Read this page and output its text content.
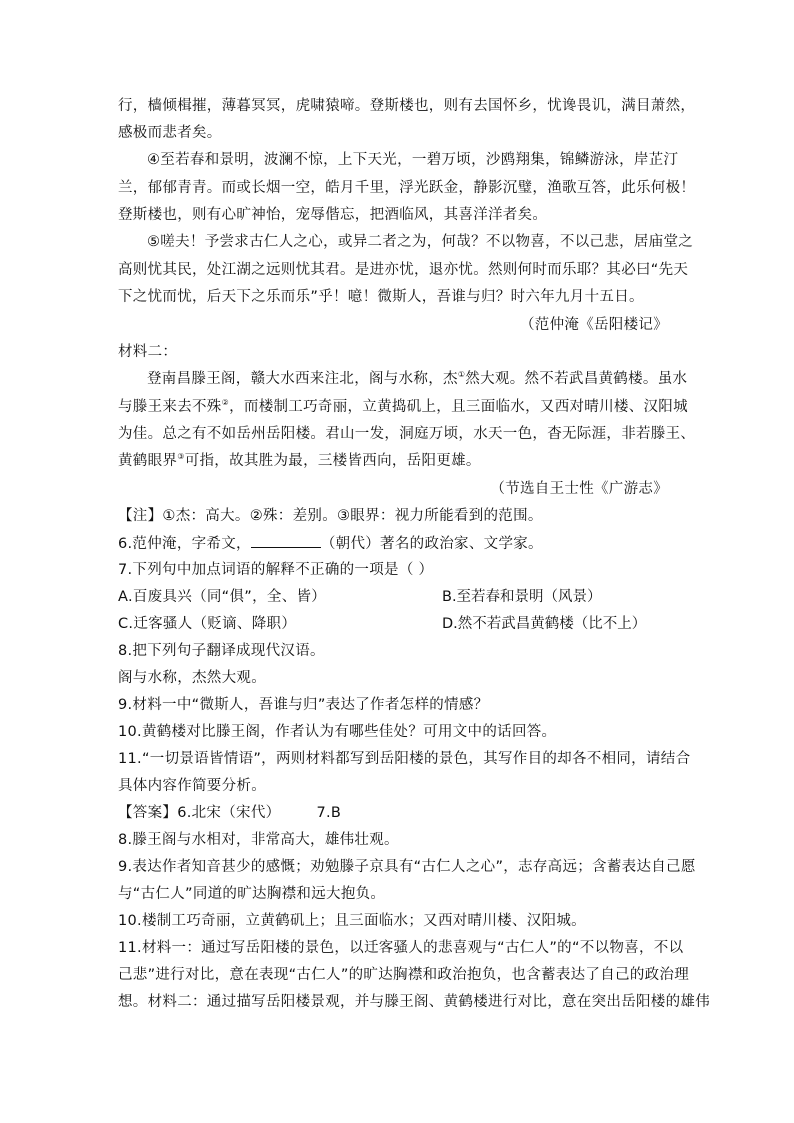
行，樯倾楫摧，薄暮冥冥，虎啸猿啼。登斯楼也，则有去国怀乡，忧谗畏讥，满目萧然，
感极而悲者矣。
④至若春和景明，波澜不惊，上下天光，一碧万顷，沙鸥翔集，锦鳞游泳，岸芷汀
兰，郁郁青青。而或长烟一空，皓月千里，浮光跃金，静影沉璧，渔歌互答，此乐何极！
登斯楼也，则有心旷神怡，宠辱偕忘，把酒临风，其喜洋洋者矣。
⑤嗟夫！予尝求古仁人之心，或异二者之为，何哉？不以物喜，不以己悲，居庙堂之
高则忧其民，处江湖之远则忧其君。是进亦忧，退亦忧。然则何时而乐耶？其必曰“先天
下之忧而忧，后天下之乐而乐”乎！噫！微斯人，吾谁与归？时六年九月十五日。
（范仲淹《岳阳楼记》
材料二：
登南昌滕王阁，赣大水西来注北，阁与水称，杰①然大观。然不若武昌黄鹤楼。虽水
与滕王来去不殊②，而楼制工巧奇丽，立黄捣矶上，且三面临水，又西对晴川楼、汉阳城
为佳。总之有不如岳州岳阳楼。君山一发，洞庭万顷，水天一色，杳无际涯，非若滕王、
黄鹤眼界③可指，故其胜为最，三楼皆西向，岳阳更雄。
（节选自王士性《广游志》
【注】①杰：高大。②殊：差别。③眼界：视力所能看到的范围。
6.范仲淹，字希文，	（朝代）著名的政治家、文学家。
7.下列句中加点词语的解释不正确的一项是（ ）
A.百废具兴（同“俱”，全、皆）	B.至若春和景明（风景）
C.迁客骚人（贬谪、降职）	D.然不若武昌黄鹤楼（比不上）
8.把下列句子翻译成现代汉语。
阁与水称，杰然大观。
9.材料一中“微斯人，吾谁与归”表达了作者怎样的情感？
10.黄鹤楼对比滕王阁，作者认为有哪些佳处？可用文中的话回答。
11.“一切景语皆情语”，两则材料都写到岳阳楼的景色，其写作目的却各不相同，请结合
具体内容作简要分析。
【答案】6.北宋（宋代） 7.B
8.滕王阁与水相对，非常高大，雄伟壮观。
9.表达作者知音甚少的感慨；劝勉滕子京具有“古仁人之心”，志存高远；含蓄表达自己愿
与“古仁人”同道的旷达胸襟和远大抱负。
10.楼制工巧奇丽，立黄鹤矶上；且三面临水；又西对晴川楼、汉阳城。
11.材料一：通过写岳阳楼的景色，以迁客骚人的悲喜观与“古仁人”的“不以物喜，不以
己悲”进行对比，意在表现“古仁人”的旷达胸襟和政治抱负，也含蓄表达了自己的政治理
想。材料二：通过描写岳阳楼景观，并与滕王阁、黄鹤楼进行对比，意在突出岳阳楼的雄伟
